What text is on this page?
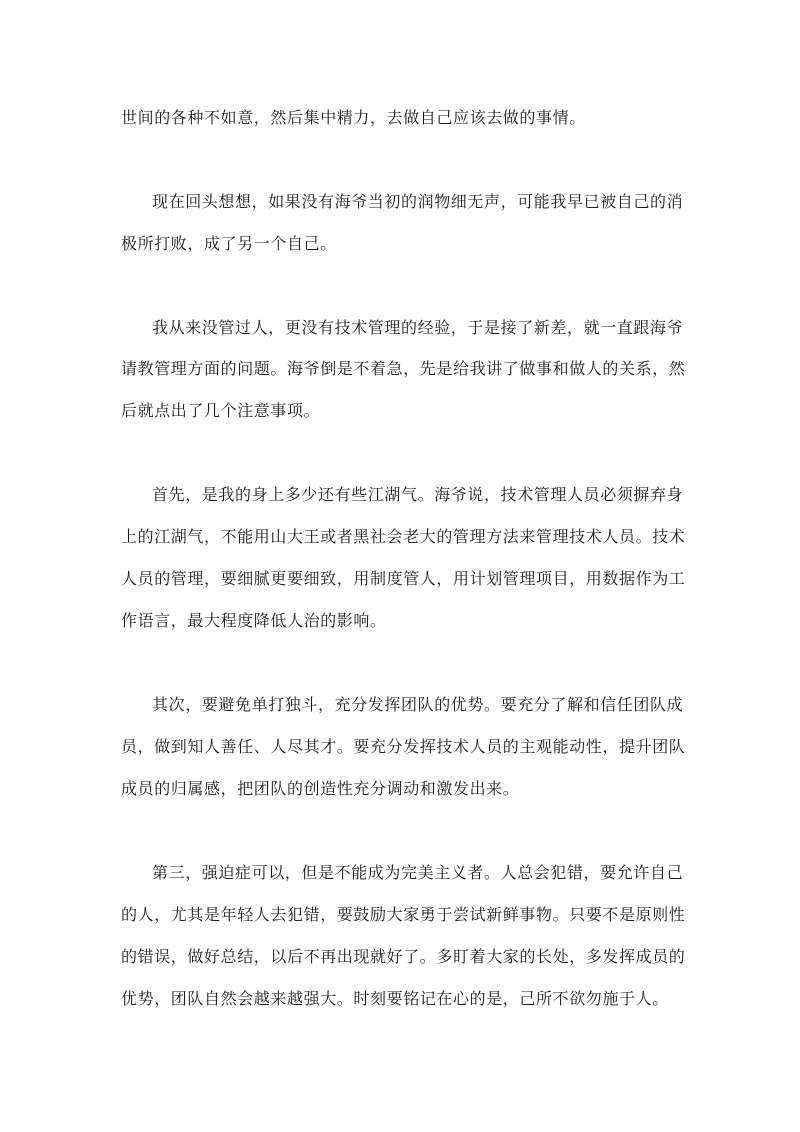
世间的各种不如意，然后集中精力，去做自己应该去做的事情。
现在回头想想，如果没有海爷当初的润物细无声，可能我早已被自己的消
极所打败，成了另一个自己。
我从来没管过人，更没有技术管理的经验，于是接了新差，就一直跟海爷
请教管理方面的问题。海爷倒是不着急，先是给我讲了做事和做人的关系，然
后就点出了几个注意事项。
首先，是我的身上多少还有些江湖气。海爷说，技术管理人员必须摒弃身
上的江湖气，不能用山大王或者黑社会老大的管理方法来管理技术人员。技术
人员的管理，要细腻更要细致，用制度管人，用计划管理项目，用数据作为工
作语言，最大程度降低人治的影响。
其次，要避免单打独斗，充分发挥团队的优势。要充分了解和信任团队成
员，做到知人善任、人尽其才。要充分发挥技术人员的主观能动性，提升团队
成员的归属感，把团队的创造性充分调动和激发出来。
第三，强迫症可以，但是不能成为完美主义者。人总会犯错，要允许自己
的人，尤其是年轻人去犯错，要鼓励大家勇于尝试新鲜事物。只要不是原则性
的错误，做好总结，以后不再出现就好了。多盯着大家的长处，多发挥成员的
优势，团队自然会越来越强大。时刻要铭记在心的是，己所不欲勿施于人。
